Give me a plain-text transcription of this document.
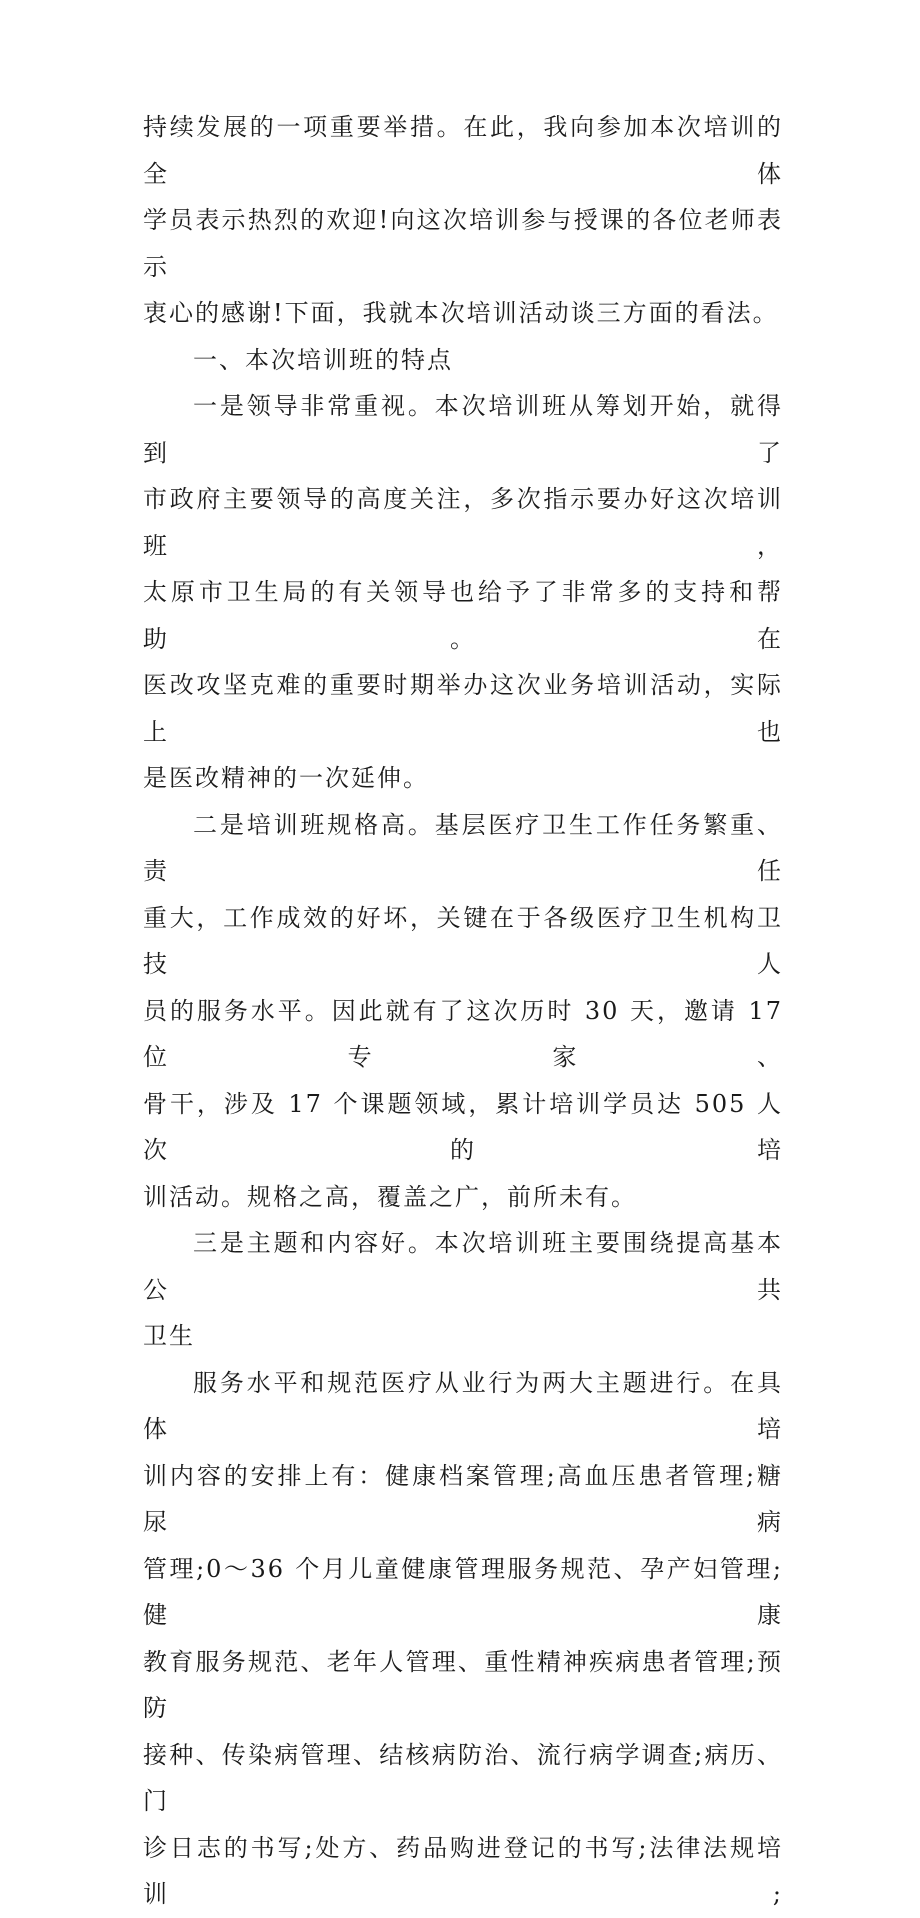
持续发展的一项重要举措。在此，我向参加本次培训的全体
学员表示热烈的欢迎!向这次培训参与授课的各位老师表示
衷心的感谢!下面，我就本次培训活动谈三方面的看法。

一、本次培训班的特点

一是领导非常重视。本次培训班从筹划开始，就得到了
市政府主要领导的高度关注，多次指示要办好这次培训班，
太原市卫生局的有关领导也给予了非常多的支持和帮助。在
医改攻坚克难的重要时期举办这次业务培训活动，实际上也
是医改精神的一次延伸。

二是培训班规格高。基层医疗卫生工作任务繁重、责任
重大，工作成效的好坏，关键在于各级医疗卫生机构卫技人
员的服务水平。因此就有了这次历时 30 天，邀请 17 位专家、
骨干，涉及 17 个课题领域，累计培训学员达 505 人次的培
训活动。规格之高，覆盖之广，前所未有。

三是主题和内容好。本次培训班主要围绕提高基本公共
卫生

服务水平和规范医疗从业行为两大主题进行。在具体培
训内容的安排上有：健康档案管理;高血压患者管理;糖尿病
管理;0～36 个月儿童健康管理服务规范、孕产妇管理;健康
教育服务规范、老年人管理、重性精神疾病患者管理;预防
接种、传染病管理、结核病防治、流行病学调查;病历、门
诊日志的书写;处方、药品购进登记的书写;法律法规培训;
